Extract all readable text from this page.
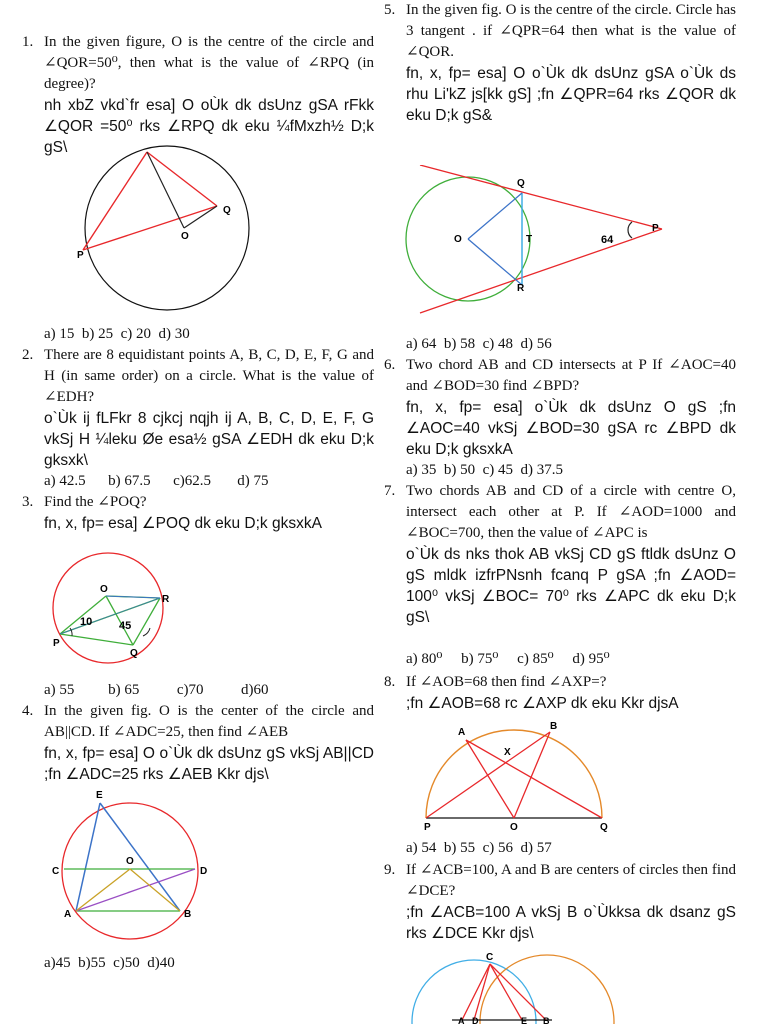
1. In the given figure, O is the centre of the circle and ∠QOR=50⁰, then what is the value of ∠RPQ (in degree)?

nh xbZ vkd`fr esa] O oÙk dk dsUnz gSA rFkk ∠QOR =50⁰ rks ∠RPQ dk eku ¼fMxzh½ D;k gS\

P
Q
O

a) 15  b) 25  c) 20  d) 30

2. There are 8 equidistant points A, B, C, D, E, F, G and H (in same order) on a circle. What is the value of ∠EDH?

o`Ùk ij fLFkr 8 cjkcj nqjh ij A, B, C, D, E, F, G vkSj H ¼leku Øe esa½ gSA ∠EDH dk eku D;k gksxk\

a) 42.5      b) 67.5      c)62.5       d) 75

3. Find the ∠POQ?

fn, x, fp= esa] ∠POQ dk eku D;k gksxkA

O
R
P
Q
10 45

a) 55         b) 65          c)70          d)60

4. In the given fig. O is the center of the circle and AB||CD. If ∠ADC=25, then find ∠AEB

fn, x, fp= esa] O o`Ùk dk dsUnz gS vkSj AB||CD ;fn ∠ADC=25 rks ∠AEB Kkr djs\

E
C	D
O
A	B

a)45  b)55  c)50  d)40

5. In the given fig. O is the centre of the circle. Circle has 3 tangent . if ∠QPR=64 then what is the value of ∠QOR.

fn, x, fp= esa] O o`Ùk dk dsUnz gSA o`Ùk ds rhu Li'kZ js[kk gS] ;fn ∠QPR=64 rks ∠QOR dk eku D;k gS&

Q
O	T
P
R
64

a) 64  b) 58  c) 48  d) 56

6. Two chord AB and CD intersects at P If ∠AOC=40 and ∠BOD=30 find ∠BPD?

fn, x, fp= esa] o`Ùk dk dsUnz O gS ;fn ∠AOC=40 vkSj ∠BOD=30 gSA rc ∠BPD dk eku D;k gksxkA

a) 35  b) 50  c) 45  d) 37.5

7. Two chords AB and CD of a circle with centre O, intersect each other at P. If ∠AOD=1000 and ∠BOC=700, then the value of ∠APC is

o`Ùk ds nks thok AB vkSj CD gS ftldk dsUnz O gS mldk izfrPNsnh fcanq P gSA ;fn ∠AOD= 100⁰ vkSj ∠BOC= 70⁰ rks ∠APC dk eku D;k gS\

a) 80⁰     b) 75⁰     c) 85⁰     d) 95⁰

8. If ∠AOB=68 then find ∠AXP=?

;fn ∠AOB=68 rc ∠AXP dk eku Kkr djsA

A
B
X
P	O	Q

a) 54  b) 55  c) 56  d) 57

9. If ∠ACB=100, A and B are centers of circles then find ∠DCE?

;fn ∠ACB=100 A vkSj B o`Ùkksa dk dsanz gS rks ∠DCE Kkr djs\

C
A D	E B
